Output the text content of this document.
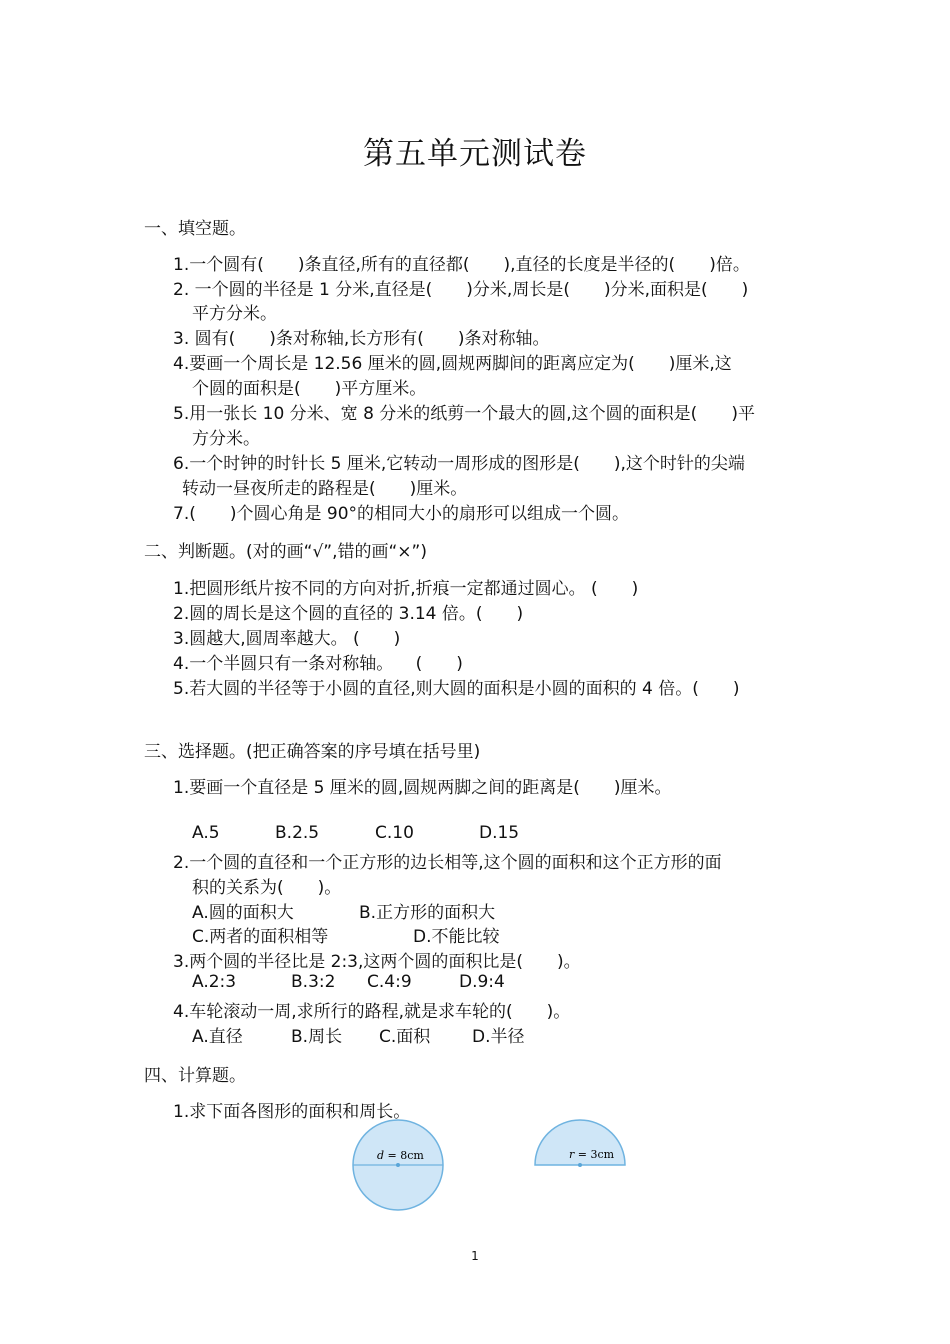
第五单元测试卷
一、填空题。
1.一个圆有(　　)条直径,所有的直径都(　　),直径的长度是半径的(　　)倍。
2. 一个圆的半径是 1 分米,直径是(　　)分米,周长是(　　)分米,面积是(　　)
平方分米。
3. 圆有(　　)条对称轴,长方形有(　　)条对称轴。
4.要画一个周长是 12.56 厘米的圆,圆规两脚间的距离应定为(　　)厘米,这
个圆的面积是(　　)平方厘米。
5.用一张长 10 分米、宽 8 分米的纸剪一个最大的圆,这个圆的面积是(　　)平
方分米。
6.一个时钟的时针长 5 厘米,它转动一周形成的图形是(　　),这个时针的尖端
转动一昼夜所走的路程是(　　)厘米。
7.(　　)个圆心角是 90°的相同大小的扇形可以组成一个圆。
二、判断题。(对的画“√”,错的画“×”)
1.把圆形纸片按不同的方向对折,折痕一定都通过圆心。 (　　)
2.圆的周长是这个圆的直径的 3.14 倍。(　　)
3.圆越大,圆周率越大。 (　　)
4.一个半圆只有一条对称轴。 　(　　)
5.若大圆的半径等于小圆的直径,则大圆的面积是小圆的面积的 4 倍。(　　)
三、选择题。(把正确答案的序号填在括号里)
1.要画一个直径是 5 厘米的圆,圆规两脚之间的距离是(　　)厘米。
A.5	B.2.5	C.10	D.15
2.一个圆的直径和一个正方形的边长相等,这个圆的面积和这个正方形的面
积的关系为(　　)。
A.圆的面积大	B.正方形的面积大
C.两者的面积相等	D.不能比较
3.两个圆的半径比是 2:3,这两个圆的面积比是(　　)。
A.2:3	B.3:2 C.4:9	D.9:4
4.车轮滚动一周,求所行的路程,就是求车轮的(　　)。
A.直径	B.周长 C.面积 D.半径
四、计算题。
1.求下面各图形的面积和周长。
d = 8cm	r = 3cm
1
